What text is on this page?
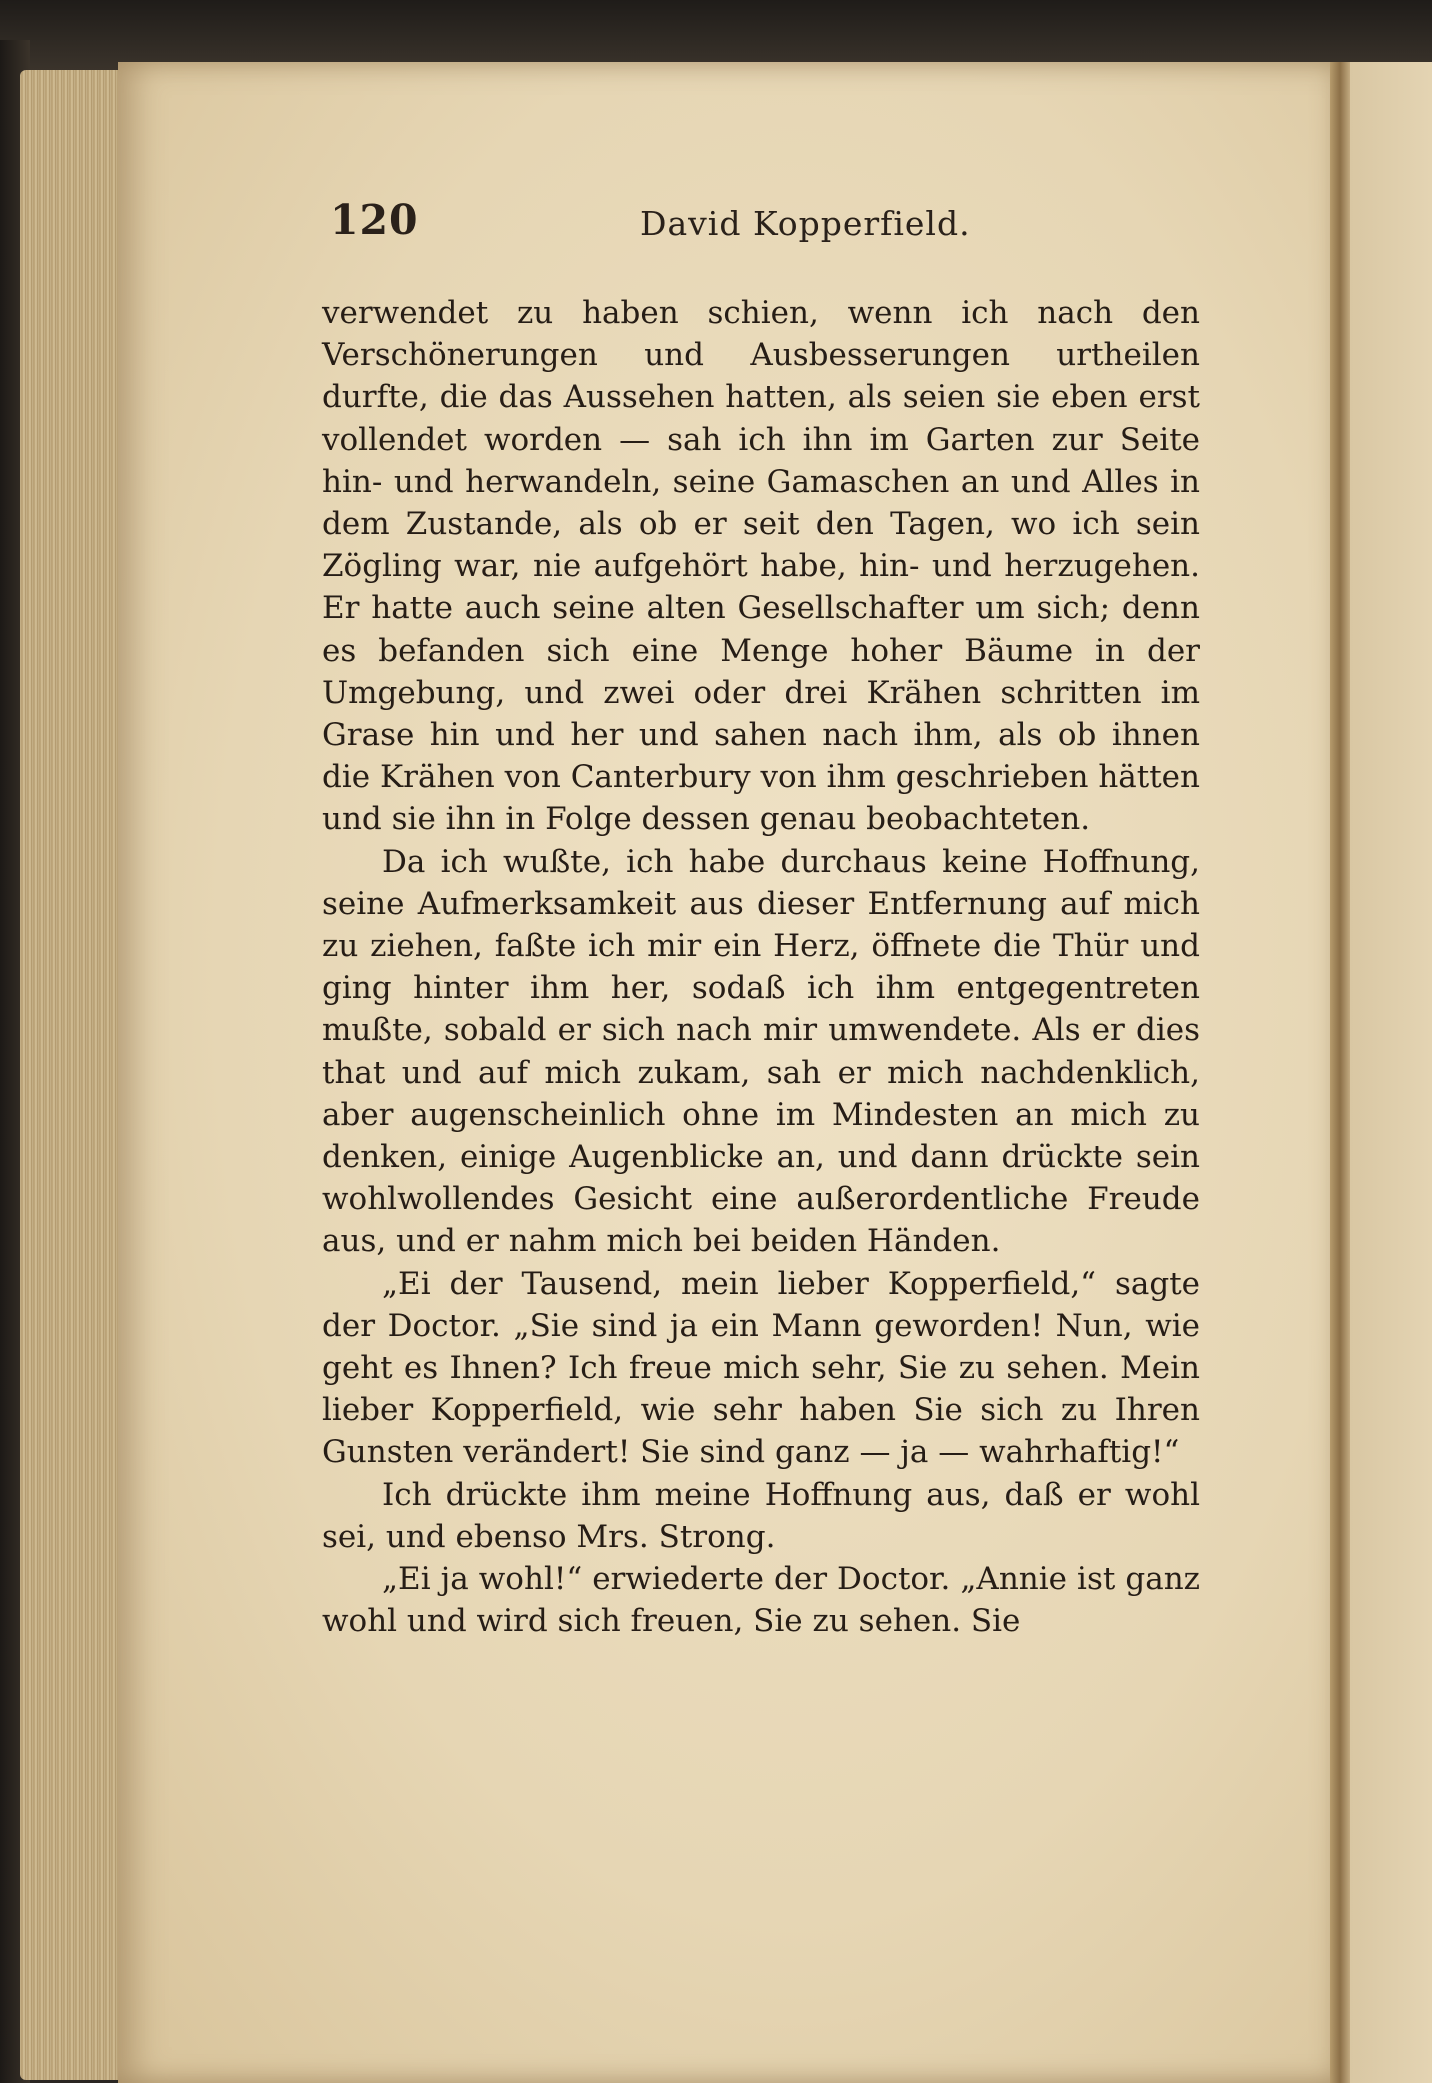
120	David Kopperfield.

verwendet zu haben schien, wenn ich nach den Verschönerungen und Ausbesserungen urtheilen durfte, die das Aussehen hatten, als seien sie eben erst vollendet worden — sah ich ihn im Garten zur Seite hin- und herwandeln, seine Gamaschen an und Alles in dem Zustande, als ob er seit den Tagen, wo ich sein Zögling war, nie aufgehört habe, hin- und herzugehen. Er hatte auch seine alten Gesellschafter um sich; denn es befanden sich eine Menge hoher Bäume in der Umgebung, und zwei oder drei Krähen schritten im Grase hin und her und sahen nach ihm, als ob ihnen die Krähen von Canterbury von ihm geschrieben hätten und sie ihn in Folge dessen genau beobachteten.

Da ich wußte, ich habe durchaus keine Hoffnung, seine Aufmerksamkeit aus dieser Entfernung auf mich zu ziehen, faßte ich mir ein Herz, öffnete die Thür und ging hinter ihm her, sodaß ich ihm entgegentreten mußte, sobald er sich nach mir umwendete. Als er dies that und auf mich zukam, sah er mich nachdenklich, aber augenscheinlich ohne im Mindesten an mich zu denken, einige Augenblicke an, und dann drückte sein wohlwollendes Gesicht eine außerordentliche Freude aus, und er nahm mich bei beiden Händen.

„Ei der Tausend, mein lieber Kopperfield,“ sagte der Doctor. „Sie sind ja ein Mann geworden! Nun, wie geht es Ihnen? Ich freue mich sehr, Sie zu sehen. Mein lieber Kopperfield, wie sehr haben Sie sich zu Ihren Gunsten verändert! Sie sind ganz — ja — wahrhaftig!“

Ich drückte ihm meine Hoffnung aus, daß er wohl sei, und ebenso Mrs. Strong.

„Ei ja wohl!“ erwiederte der Doctor. „Annie ist ganz wohl und wird sich freuen, Sie zu sehen. Sie
